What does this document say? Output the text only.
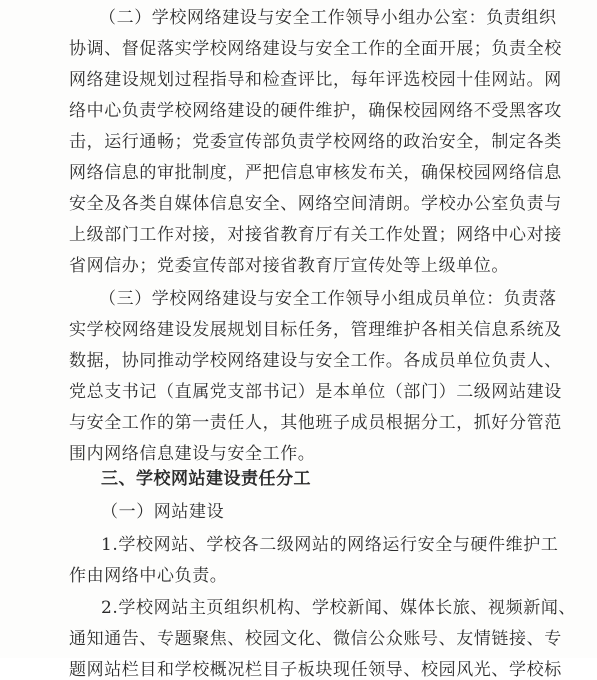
（二）学校网络建设与安全工作领导小组办公室：负责组织
协调、督促落实学校网络建设与安全工作的全面开展；负责全校
网络建设规划过程指导和检查评比，每年评选校园十佳网站。网
络中心负责学校网络建设的硬件维护，确保校园网络不受黑客攻
击，运行通畅；党委宣传部负责学校网络的政治安全，制定各类
网络信息的审批制度，严把信息审核发布关，确保校园网络信息
安全及各类自媒体信息安全、网络空间清朗。学校办公室负责与
上级部门工作对接，对接省教育厅有关工作处置；网络中心对接
省网信办；党委宣传部对接省教育厅宣传处等上级单位。
（三）学校网络建设与安全工作领导小组成员单位：负责落
实学校网络建设发展规划目标任务，管理维护各相关信息系统及
数据，协同推动学校网络建设与安全工作。各成员单位负责人、
党总支书记（直属党支部书记）是本单位（部门）二级网站建设
与安全工作的第一责任人，其他班子成员根据分工，抓好分管范
围内网络信息建设与安全工作。
三、学校网站建设责任分工
（一）网站建设
1.学校网站、学校各二级网站的网络运行安全与硬件维护工
作由网络中心负责。
2.学校网站主页组织机构、学校新闻、媒体长旅、视频新闻、
通知通告、专题聚焦、校园文化、微信公众账号、友情链接、专
题网站栏目和学校概况栏目子板块现任领导、校园风光、学校标
